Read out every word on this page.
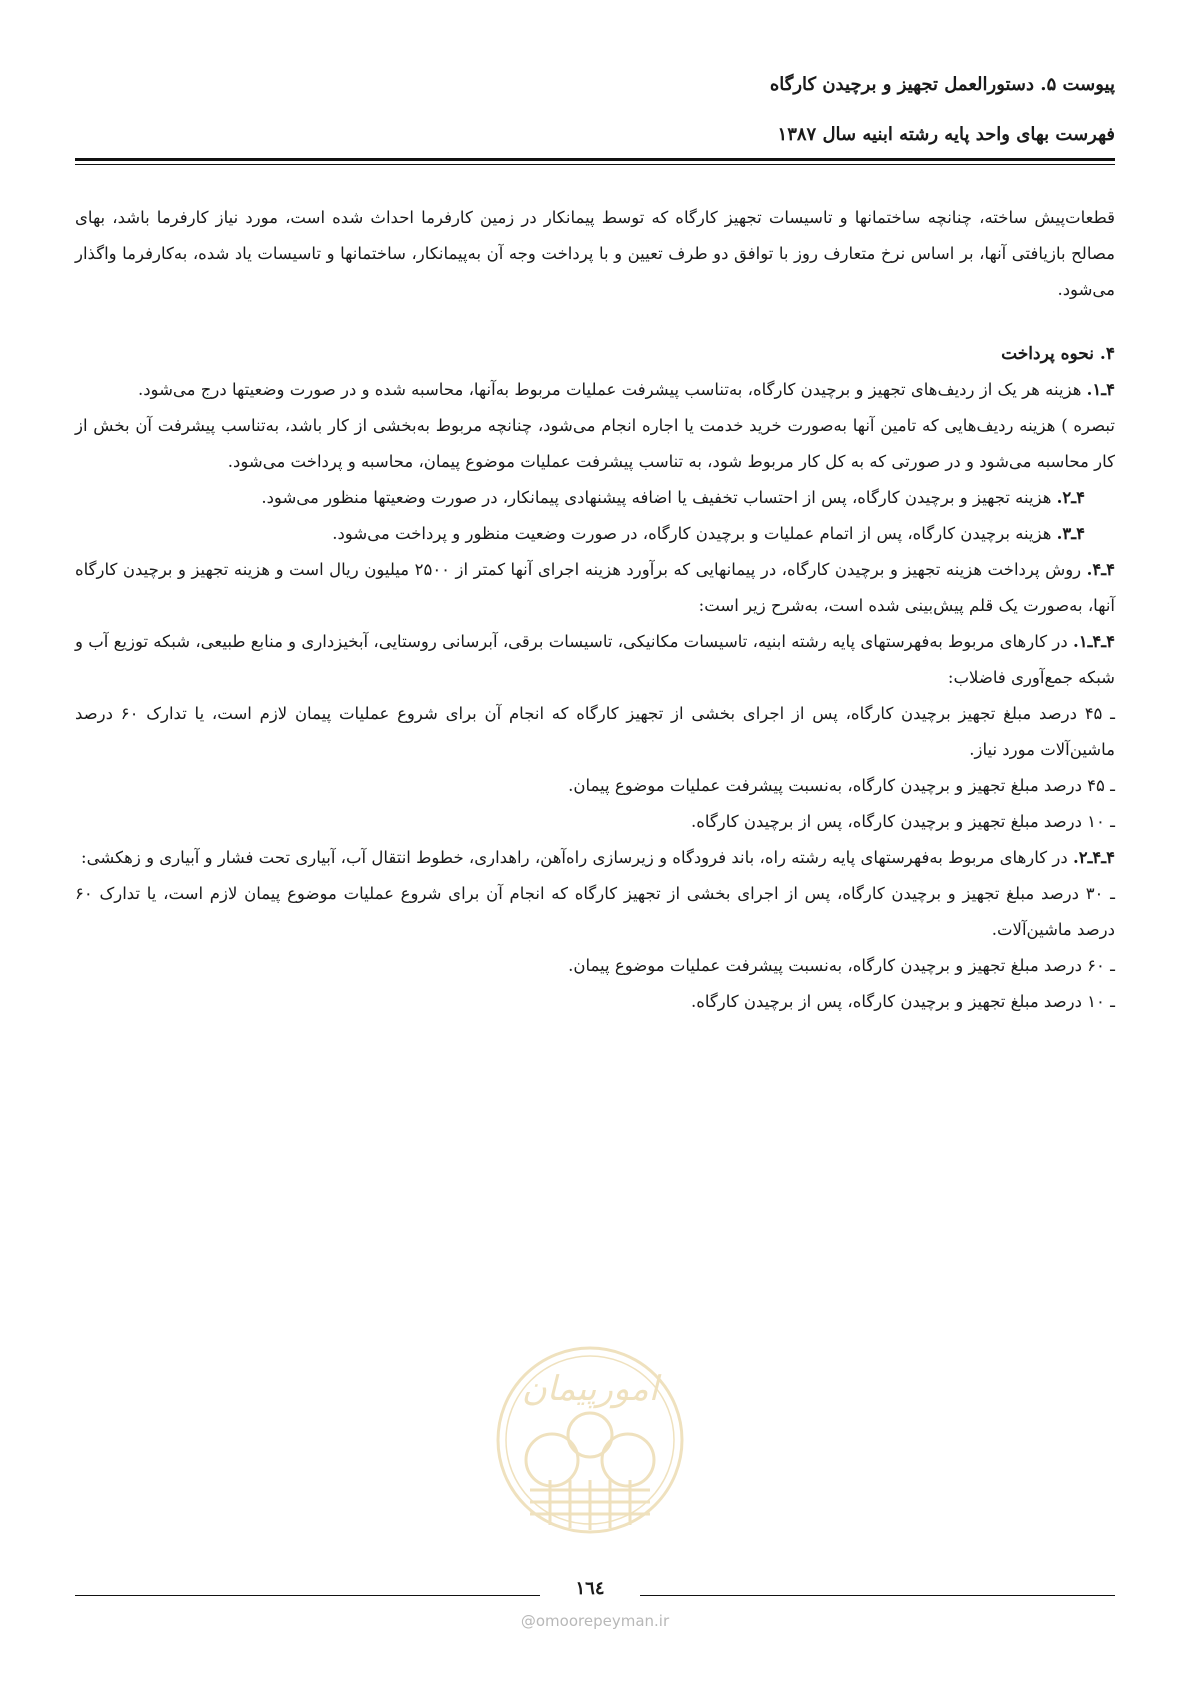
پیوست ۵. دستورالعمل تجهیز و برچیدن کارگاه
فهرست بهای واحد پایه رشته ابنیه سال ۱۳۸۷

قطعات‌پیش ساخته، چنانچه ساختمانها و تاسیسات تجهیز کارگاه که توسط پیمانکار در زمین کارفرما احداث شده است، مورد نیاز کارفرما باشد، بهای مصالح بازیافتی آنها، بر اساس نرخ متعارف روز با توافق دو طرف تعیین و با پرداخت وجه آن به‌پیمانکار، ساختمانها و تاسیسات یاد شده، به‌کارفرما واگذار می‌شود.

۴. نحوه پرداخت

۴ـ۱. هزینه هر یک از ردیف‌های تجهیز و برچیدن کارگاه، به‌تناسب پیشرفت عملیات مربوط به‌آنها، محاسبه شده و در صورت وضعیتها درج می‌شود.

تبصره ) هزینه ردیف‌هایی که تامین آنها به‌صورت خرید خدمت یا اجاره انجام می‌شود، چنانچه مربوط به‌بخشی از کار باشد، به‌تناسب پیشرفت آن بخش از کار محاسبه می‌شود و در صورتی که به کل کار مربوط شود، به تناسب پیشرفت عملیات موضوع پیمان، محاسبه و پرداخت می‌شود.

۴ـ۲. هزینه تجهیز و برچیدن کارگاه، پس از احتساب تخفیف یا اضافه پیشنهادی پیمانکار، در صورت وضعیتها منظور می‌شود.

۴ـ۳. هزینه برچیدن کارگاه، پس از اتمام عملیات و برچیدن کارگاه، در صورت وضعیت منظور و پرداخت می‌شود.

۴ـ۴. روش پرداخت هزینه تجهیز و برچیدن کارگاه، در پیمانهایی که برآورد هزینه اجرای آنها کمتر از ۲۵۰۰ میلیون ریال است و هزینه تجهیز و برچیدن کارگاه آنها، به‌صورت یک قلم پیش‌بینی شده است، به‌شرح زیر است:

۴ـ۴ـ۱. در کارهای مربوط به‌فهرستهای پایه رشته ابنیه، تاسیسات مکانیکی، تاسیسات برقی، آبرسانی روستایی، آبخیزداری و منابع طبیعی، شبکه توزیع آب و شبکه جمع‌آوری فاضلاب:

ـ ۴۵ درصد مبلغ تجهیز برچیدن کارگاه، پس از اجرای بخشی از تجهیز کارگاه که انجام آن برای شروع عملیات پیمان لازم است، یا تدارک ۶۰ درصد ماشین‌آلات مورد نیاز.

ـ ۴۵ درصد مبلغ تجهیز و برچیدن کارگاه، به‌نسبت پیشرفت عملیات موضوع پیمان.

ـ ۱۰ درصد مبلغ تجهیز و برچیدن کارگاه، پس از برچیدن کارگاه.

۴ـ۴ـ۲. در کارهای مربوط به‌فهرستهای پایه رشته راه، باند فرودگاه و زیرسازی راه‌آهن، راهداری، خطوط انتقال آب، آبیاری تحت فشار و آبیاری و زهکشی:

ـ ۳۰ درصد مبلغ تجهیز و برچیدن کارگاه، پس از اجرای بخشی از تجهیز کارگاه که انجام آن برای شروع عملیات موضوع پیمان لازم است، یا تدارک ۶۰ درصد ماشین‌آلات.

ـ ۶۰ درصد مبلغ تجهیز و برچیدن کارگاه، به‌نسبت پیشرفت عملیات موضوع پیمان.

ـ ۱۰ درصد مبلغ تجهیز و برچیدن کارگاه، پس از برچیدن کارگاه.

امورپیمان
١٦٤
@omoorepeyman.ir
